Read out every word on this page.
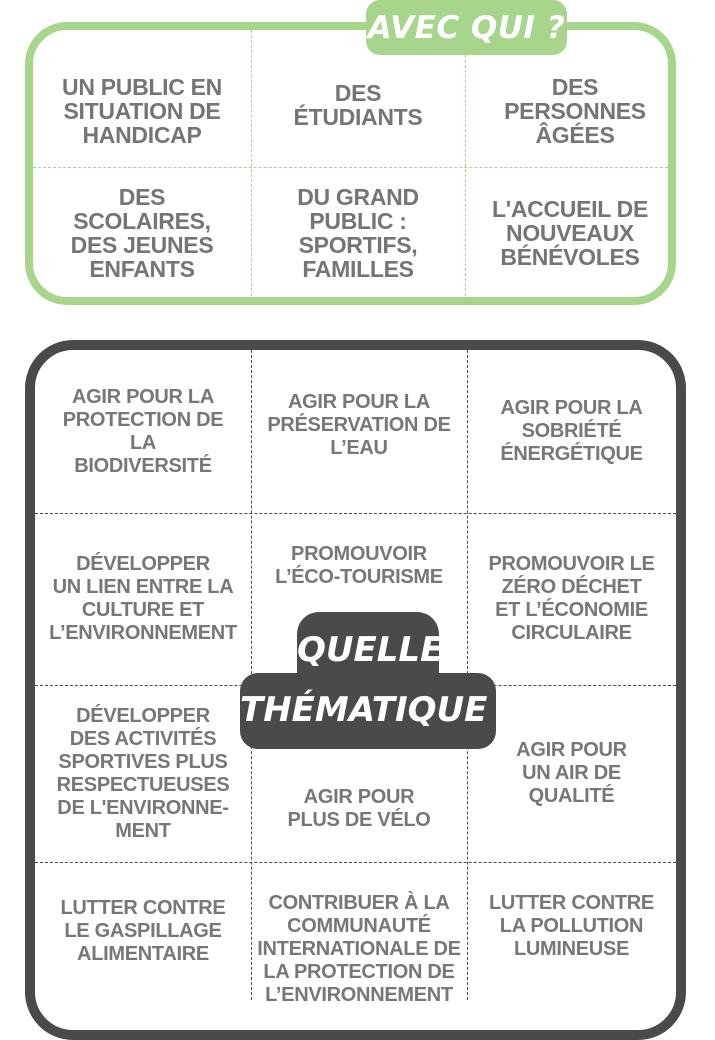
AVEC QUI ?
UN PUBLIC EN
SITUATION DE
HANDICAP
DES
ÉTUDIANTS
DES
PERSONNES
ÂGÉES
DES
SCOLAIRES,
DES JEUNES
ENFANTS
DU GRAND
PUBLIC :
SPORTIFS,
FAMILLES
L'ACCUEIL DE
NOUVEAUX
BÉNÉVOLES
AGIR POUR LA
PROTECTION DE
LA
BIODIVERSITÉ
AGIR POUR LA
PRÉSERVATION DE
L’EAU
AGIR POUR LA
SOBRIÉTÉ
ÉNERGÉTIQUE
DÉVELOPPER
UN LIEN ENTRE LA
CULTURE ET
L’ENVIRONNEMENT
PROMOUVOIR
L’ÉCO-TOURISME
PROMOUVOIR LE
ZÉRO DÉCHET
ET L’ÉCONOMIE
CIRCULAIRE
DÉVELOPPER
DES ACTIVITÉS
SPORTIVES PLUS
RESPECTUEUSES
DE L'ENVIRONNE-
MENT
AGIR POUR
PLUS DE VÉLO
AGIR POUR
UN AIR DE
QUALITÉ
LUTTER CONTRE
LE GASPILLAGE
ALIMENTAIRE
CONTRIBUER À LA
COMMUNAUTÉ
INTERNATIONALE DE
LA PROTECTION DE
L’ENVIRONNEMENT
LUTTER CONTRE
LA POLLUTION
LUMINEUSE
QUELLE
THÉMATIQUE ?
